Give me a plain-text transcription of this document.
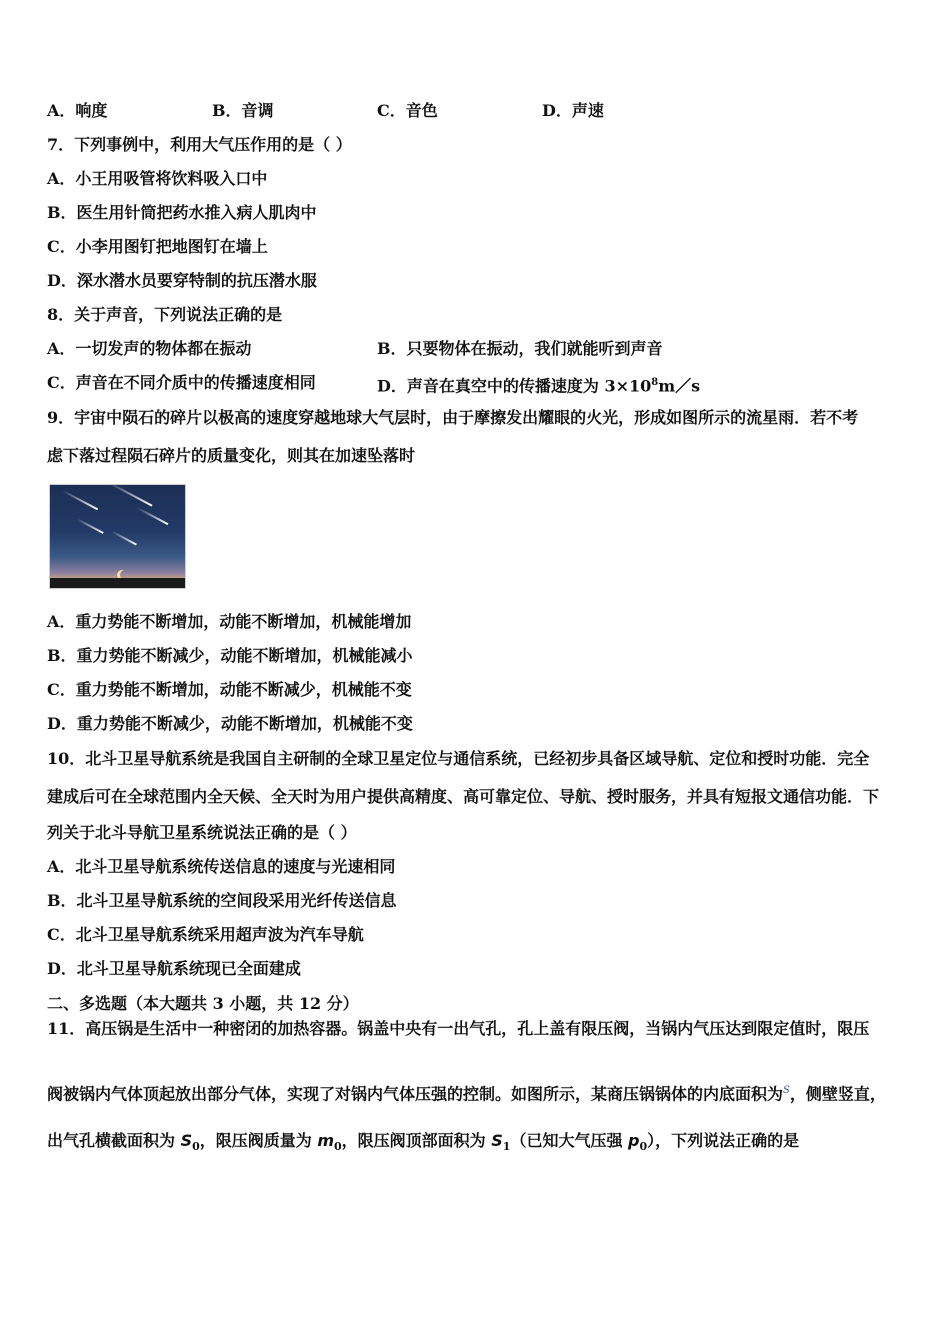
A．响度	B．音调	C．音色	D．声速
7．下列事例中，利用大气压作用的是（ ）
A．小王用吸管将饮料吸入口中
B．医生用针筒把药水推入病人肌肉中
C．小李用图钉把地图钉在墙上
D．深水潜水员要穿特制的抗压潜水服
8．关于声音，下列说法正确的是
A．一切发声的物体都在振动	B．只要物体在振动，我们就能听到声音
C．声音在不同介质中的传播速度相同	D．声音在真空中的传播速度为 $3\times 10^8m/s$
9．宇宙中陨石的碎片以极高的速度穿越地球大气层时，由于摩擦发出耀眼的火光，形成如图所示的流星雨．若不考
虑下落过程陨石碎片的质量变化，则其在加速坠落时
A．重力势能不断增加，动能不断增加，机械能增加
B．重力势能不断减少，动能不断增加，机械能减小
C．重力势能不断增加，动能不断减少，机械能不变
D．重力势能不断减少，动能不断增加，机械能不变
10．北斗卫星导航系统是我国自主研制的全球卫星定位与通信系统，已经初步具备区域导航、定位和授时功能．完全
建成后可在全球范围内全天候、全天时为用户提供高精度、高可靠定位、导航、授时服务，并具有短报文通信功能．下
列关于北斗导航卫星系统说法正确的是（ ）
A．北斗卫星导航系统传送信息的速度与光速相同
B．北斗卫星导航系统的空间段采用光纤传送信息
C．北斗卫星导航系统采用超声波为汽车导航
D．北斗卫星导航系统现已全面建成
二、多选题（本大题共 3 小题，共 12 分）
11．高压锅是生活中一种密闭的加热容器。锅盖中央有一出气孔，孔上盖有限压阀，当锅内气压达到限定值时，限压
阀被锅内气体顶起放出部分气体，实现了对锅内气体压强的控制。如图所示，某商压锅锅体的内底面积为$^S$，侧壁竖直，
出气孔横截面积为 $S_0$，限压阀质量为 $m_0$，限压阀顶部面积为 $S_1$（已知大气压强 $p_0$），下列说法正确的是
